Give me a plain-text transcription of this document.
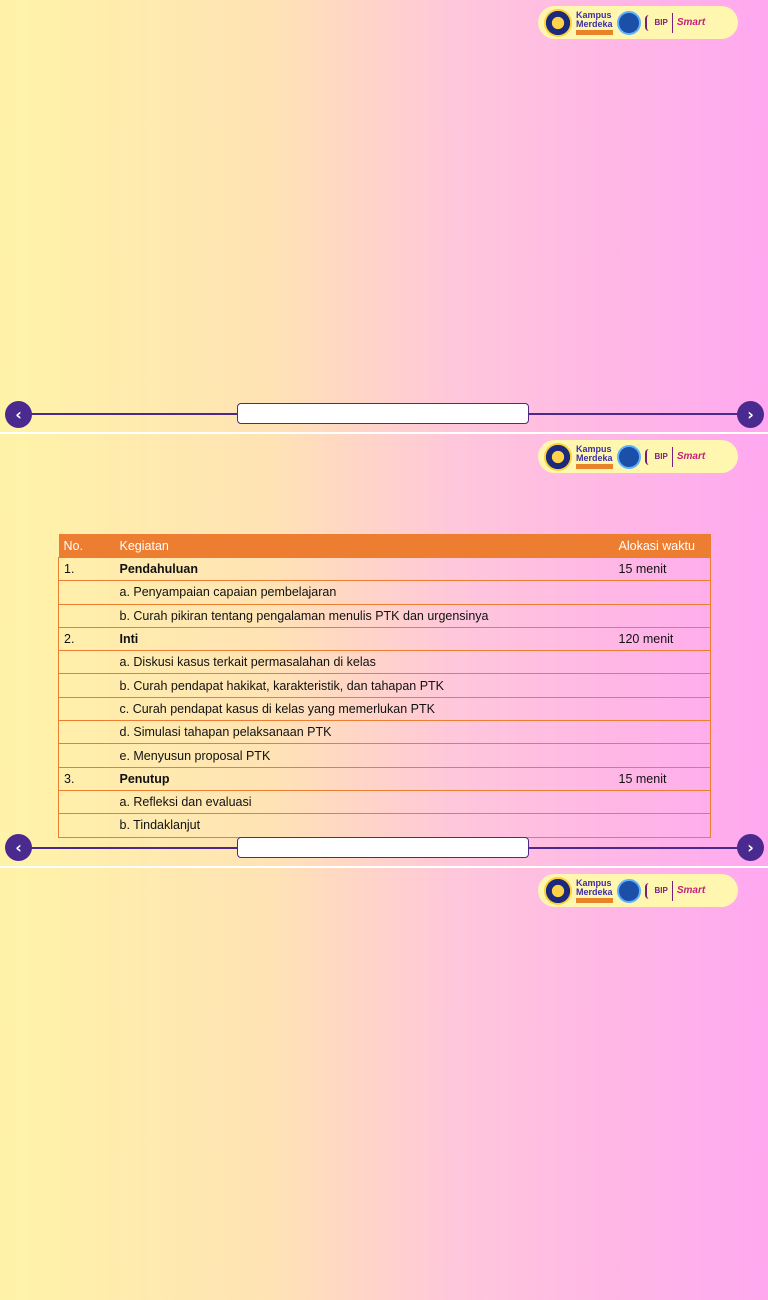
Kampus
Merdeka
	BIP Smart
‹	›
Kampus
Merdeka
	BIP Smart
No.	Kegiatan	Alokasi waktu
1.	Pendahuluan	15 menit
	a. Penyampaian capaian pembelajaran	
	b. Curah pikiran tentang pengalaman menulis PTK dan urgensinya	
2.	Inti	120 menit
	a. Diskusi kasus terkait permasalahan di kelas	
	b. Curah pendapat hakikat, karakteristik, dan tahapan PTK	
	c. Curah pendapat kasus di kelas yang memerlukan PTK	
	d. Simulasi tahapan pelaksanaan PTK	
	e. Menyusun proposal PTK	
3.	Penutup	15 menit
	a. Refleksi dan evaluasi	
	b. Tindaklanjut	
‹	›
Kampus
Merdeka
	BIP Smart
